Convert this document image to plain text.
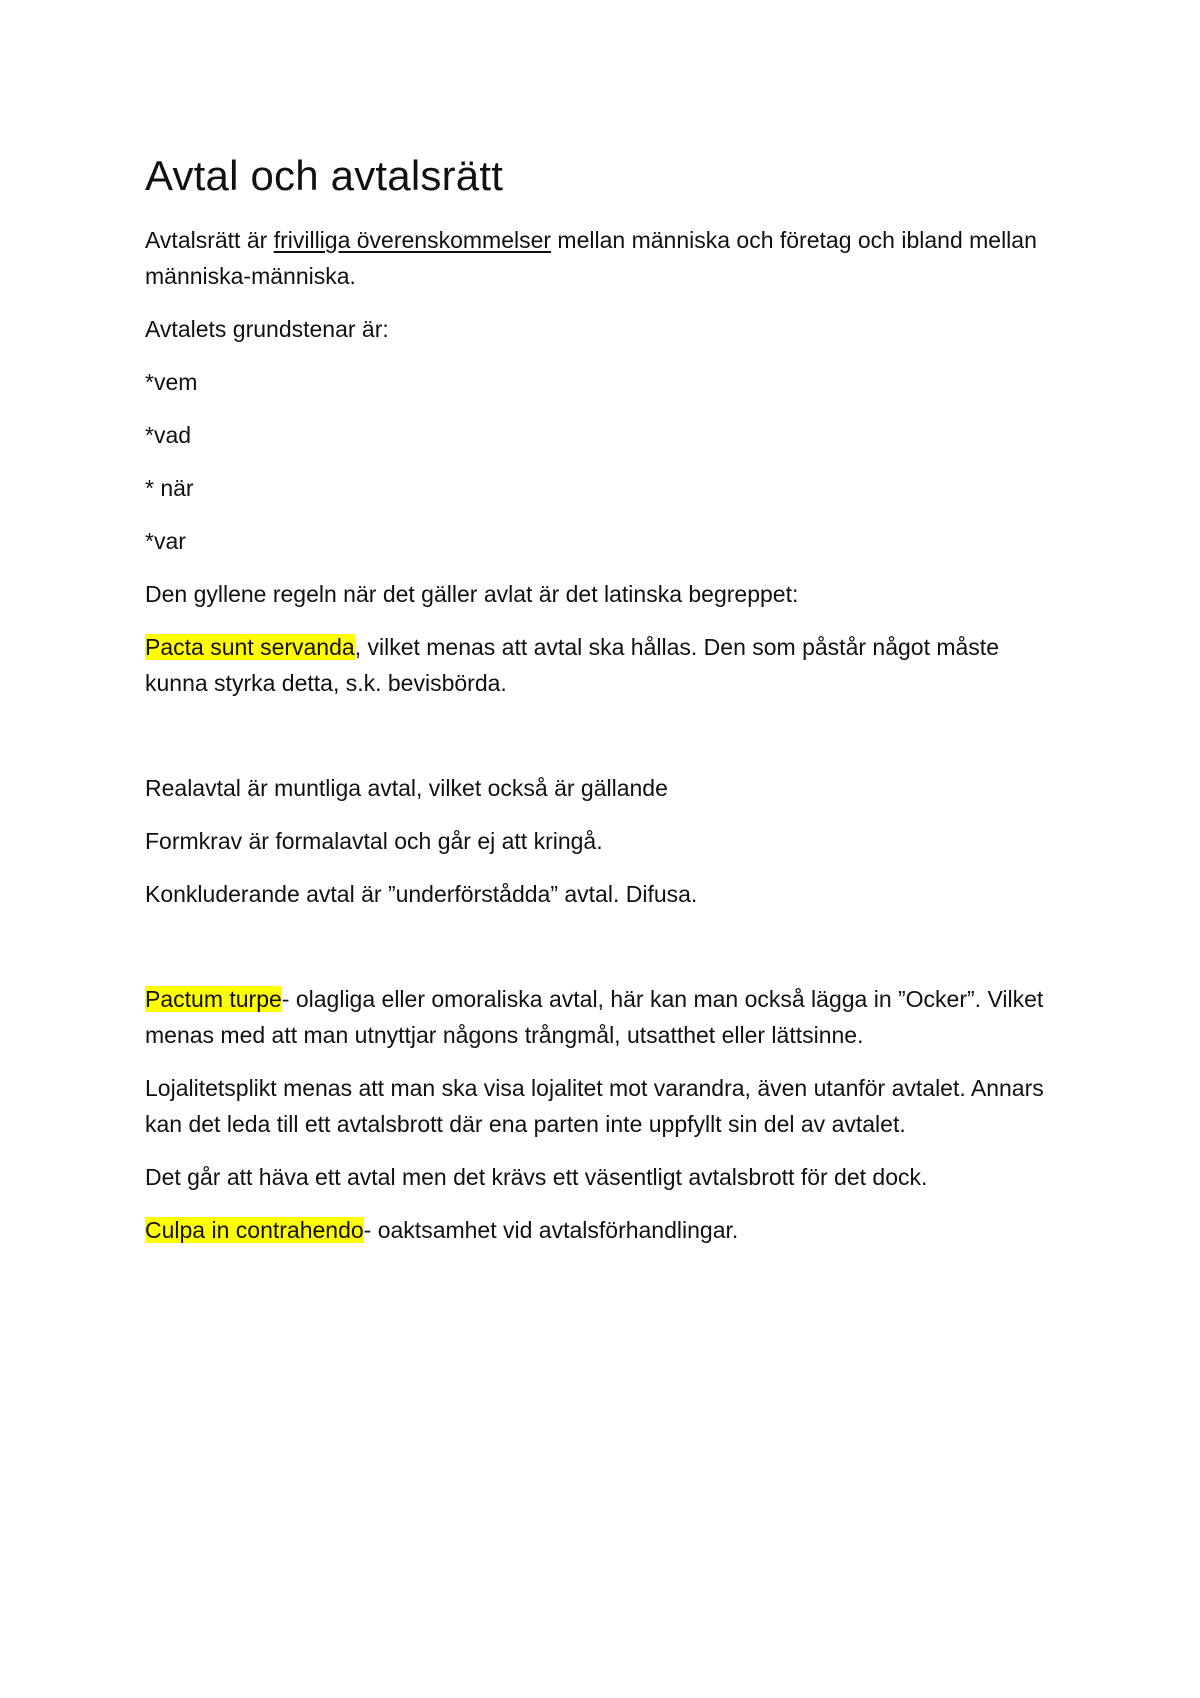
Avtal och avtalsrätt

Avtalsrätt är frivilliga överenskommelser mellan människa och företag och ibland mellan människa-människa.

Avtalets grundstenar är:

*vem

*vad

* när

*var

Den gyllene regeln när det gäller avlat är det latinska begreppet:

Pacta sunt servanda, vilket menas att avtal ska hållas. Den som påstår något måste kunna styrka detta, s.k. bevisbörda.

Realavtal är muntliga avtal, vilket också är gällande

Formkrav är formalavtal och går ej att kringå.

Konkluderande avtal är ”underförstådda” avtal. Difusa.

Pactum turpe- olagliga eller omoraliska avtal, här kan man också lägga in ”Ocker”. Vilket menas med att man utnyttjar någons trångmål, utsatthet eller lättsinne.

Lojalitetsplikt menas att man ska visa lojalitet mot varandra, även utanför avtalet. Annars kan det leda till ett avtalsbrott där ena parten inte uppfyllt sin del av avtalet.

Det går att häva ett avtal men det krävs ett väsentligt avtalsbrott för det dock.

Culpa in contrahendo- oaktsamhet vid avtalsförhandlingar.
